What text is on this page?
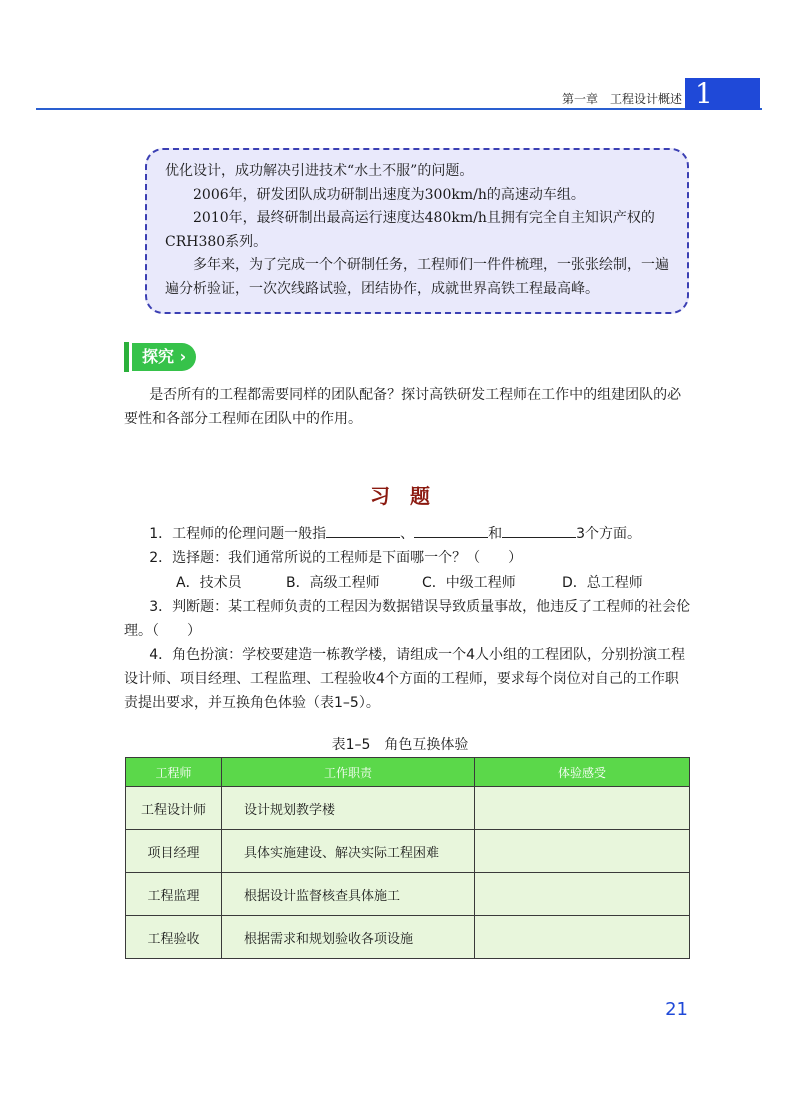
第一章　工程设计概述 1

优化设计，成功解决引进技术“水土不服”的问题。

2006年，研发团队成功研制出速度为300km/h的高速动车组。

2010年，最终研制出最高运行速度达480km/h且拥有完全自主知识产权的CRH380系列。

多年来，为了完成一个个研制任务，工程师们一件件梳理，一张张绘制，一遍遍分析验证，一次次线路试验，团结协作，成就世界高铁工程最高峰。

探究 ›
是否所有的工程都需要同样的团队配备？探讨高铁研发工程师在工作中的组建团队的必要性和各部分工程师在团队中的作用。
习　题
1．工程师的伦理问题一般指	、	和	3个方面。
2．选择题：我们通常所说的工程师是下面哪一个？（　　）
A．技术员	B．高级工程师	C．中级工程师	D．总工程师
3．判断题：某工程师负责的工程因为数据错误导致质量事故，他违反了工程师的社会伦理。（　　）
4．角色扮演：学校要建造一栋教学楼，请组成一个4人小组的工程团队，分别扮演工程设计师、项目经理、工程监理、工程验收4个方面的工程师，要求每个岗位对自己的工作职责提出要求，并互换角色体验（表1–5）。
表1–5　角色互换体验
工程师	工作职责	体验感受
工程设计师	设计规划教学楼	
项目经理	具体实施建设、解决实际工程困难	
工程监理	根据设计监督核查具体施工	
工程验收	根据需求和规划验收各项设施	
21
